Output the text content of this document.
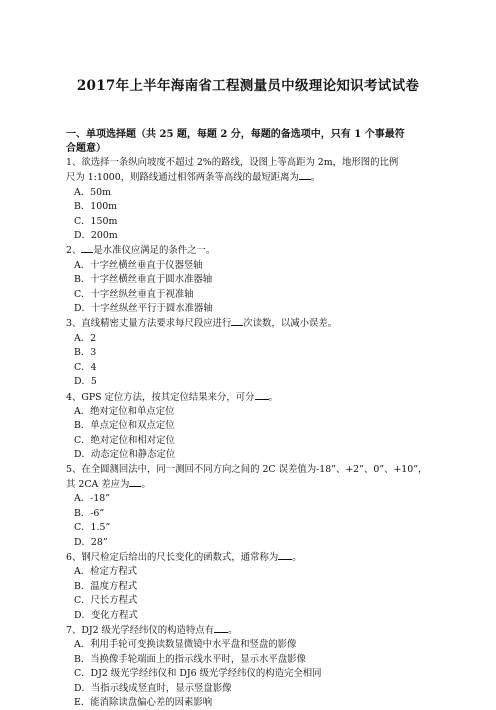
2017年上半年海南省工程测量员中级理论知识考试试卷
一、单项选择题（共 25 题，每题 2 分，每题的备选项中，只有 1 个事最符
合题意）

1、欲选择一条纵向坡度不超过 2%的路线，设图上等高距为 2m，地形图的比例

尺为 1:1000，则路线通过相邻两条等高线的最短距离为 。

A．50m

B．100m

C．150m

D．200m

2、 是水准仪应满足的条件之一。

A．十字丝横丝垂直于仪器竖轴

B．十字丝横丝垂直于圆水准器轴

C．十字丝纵丝垂直于视准轴

D．十字丝纵丝平行于圆水准器轴

3、直线精密丈量方法要求每尺段应进行 次读数，以减小误差。

A．2

B．3

C．4

D．5

4、GPS 定位方法，按其定位结果来分，可分 。

A．绝对定位和单点定位

B．单点定位和双点定位

C．绝对定位和相对定位

D．动态定位和静态定位

5、在全圆测回法中，同一测回不同方向之间的 2C 误差值为-18”、+2”、0”、+10”，

其 2CA 差应为 。

A．-18”

B．-6”

C．1.5”

D．28”

6、钢尺检定后给出的尺长变化的函数式，通常称为 。

A．检定方程式

B．温度方程式

C．尺长方程式

D．变化方程式

7、DJ2 级光学经纬仪的构造特点有 。

A．利用手轮可变换读数显微镜中水平盘和竖盘的影像

B．当换像手轮端面上的指示线水平时，显示水平盘影像

C．DJ2 级光学经纬仪和 DJ6 级光学经纬仪的构造完全相同

D．当指示线成竖直时，显示竖盘影像

E．能消除读盘偏心差的因素影响
